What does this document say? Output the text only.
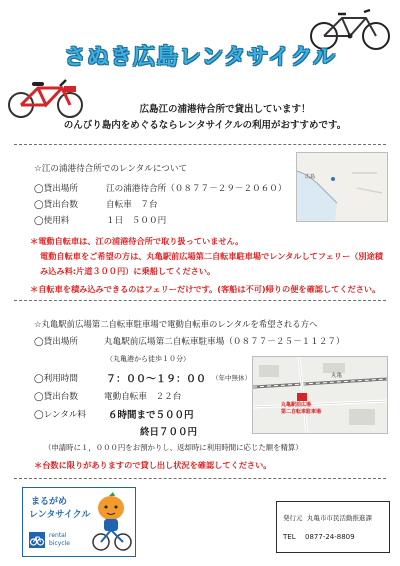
さぬき広島レンタサイクル
広島江の浦港待合所で貸出しています！
のんびり島内をめぐるならレンタサイクルの利用がおすすめです。
☆江の浦港待合所でのレンタルについて
◯貸出場所	江の浦港待合所（０８７７－２９－２０６０）
◯貸出台数	自転車　７台
◯使用料	１日　５００円
広島
＊電動自転車は、江の浦港待合所で取り扱っていません。
電動自転車をご希望の方は、丸亀駅前広場第二自転車駐車場でレンタルしてフェリー（別途積
み込み料:片道３００円）に乗船してください。
＊自転車を積み込みできるのはフェリーだけです。(客船は不可)帰りの便を確認してください。
☆丸亀駅前広場第二自転車駐車場で電動自転車のレンタルを希望される方へ
◯貸出場所	丸亀駅前広場第二自転車駐車場（０８７７－２５－１１２７）
（丸亀港から徒歩１０分）
◯利用時間	７：００～１９：００ （年中無休）
◯貸出台数	電動自転車　２２台
◯レンタル料 ６時間まで５００円
終日７００円
丸亀
丸亀駅前広場
第二自転車駐車場
（申請時に１，０００円をお預かりし、返却時に利用時間に応じた額を精算）
＊台数に限りがありますので貸し出し状況を確認してください。
まるがめ
レンタサイクル
rental
bicycle
発行元 丸亀市市民活動推進課
TEL 0877-24-8809
